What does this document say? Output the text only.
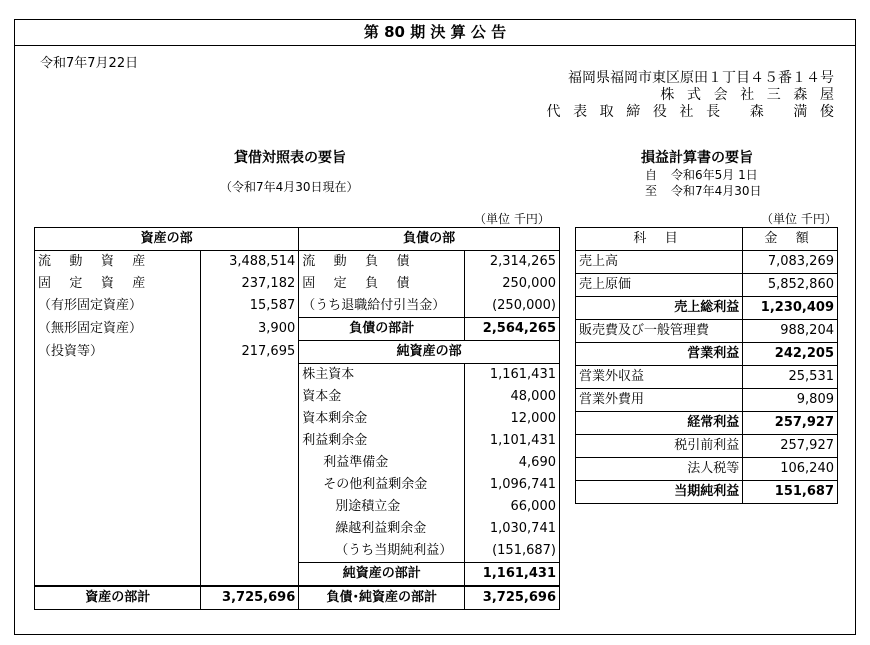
第 80 期 決 算 公 告
令和7年7月22日
福岡県福岡市東区原田１丁目４５番１４号
株式会社三森屋
代表取締役社長 森 満俊
貸借対照表の要旨
（令和7年4月30日現在）
（単位 千円）
損益計算書の要旨
自 令和6年5月 1日
至 令和7年4月30日
（単位 千円）
資産の部		負債の部	
流 動 資 産	3,488,514	流 動 負 債	2,314,265
固 定 資 産	237,182	固 定 負 債	250,000
（有形固定資産）	15,587	（うち退職給付引当金）	(250,000)
（無形固定資産）	3,900	負債の部計	2,564,265
（投資等）	217,695	純資産の部	
		株主資本	1,161,431
		資本金	48,000
		資本剰余金	12,000
		利益剰余金	1,101,431
		利益準備金	4,690
		その他利益剰余金	1,096,741
		別途積立金	66,000
		繰越利益剰余金	1,030,741
		（うち当期純利益）	(151,687)
		純資産の部計	1,161,431
資産の部計	3,725,696	負債･純資産の部計	3,725,696
科 目	金 額
売上高	7,083,269
売上原価	5,852,860
売上総利益	1,230,409
販売費及び一般管理費	988,204
営業利益	242,205
営業外収益	25,531
営業外費用	9,809
経常利益	257,927
税引前利益	257,927
法人税等	106,240
当期純利益	151,687
